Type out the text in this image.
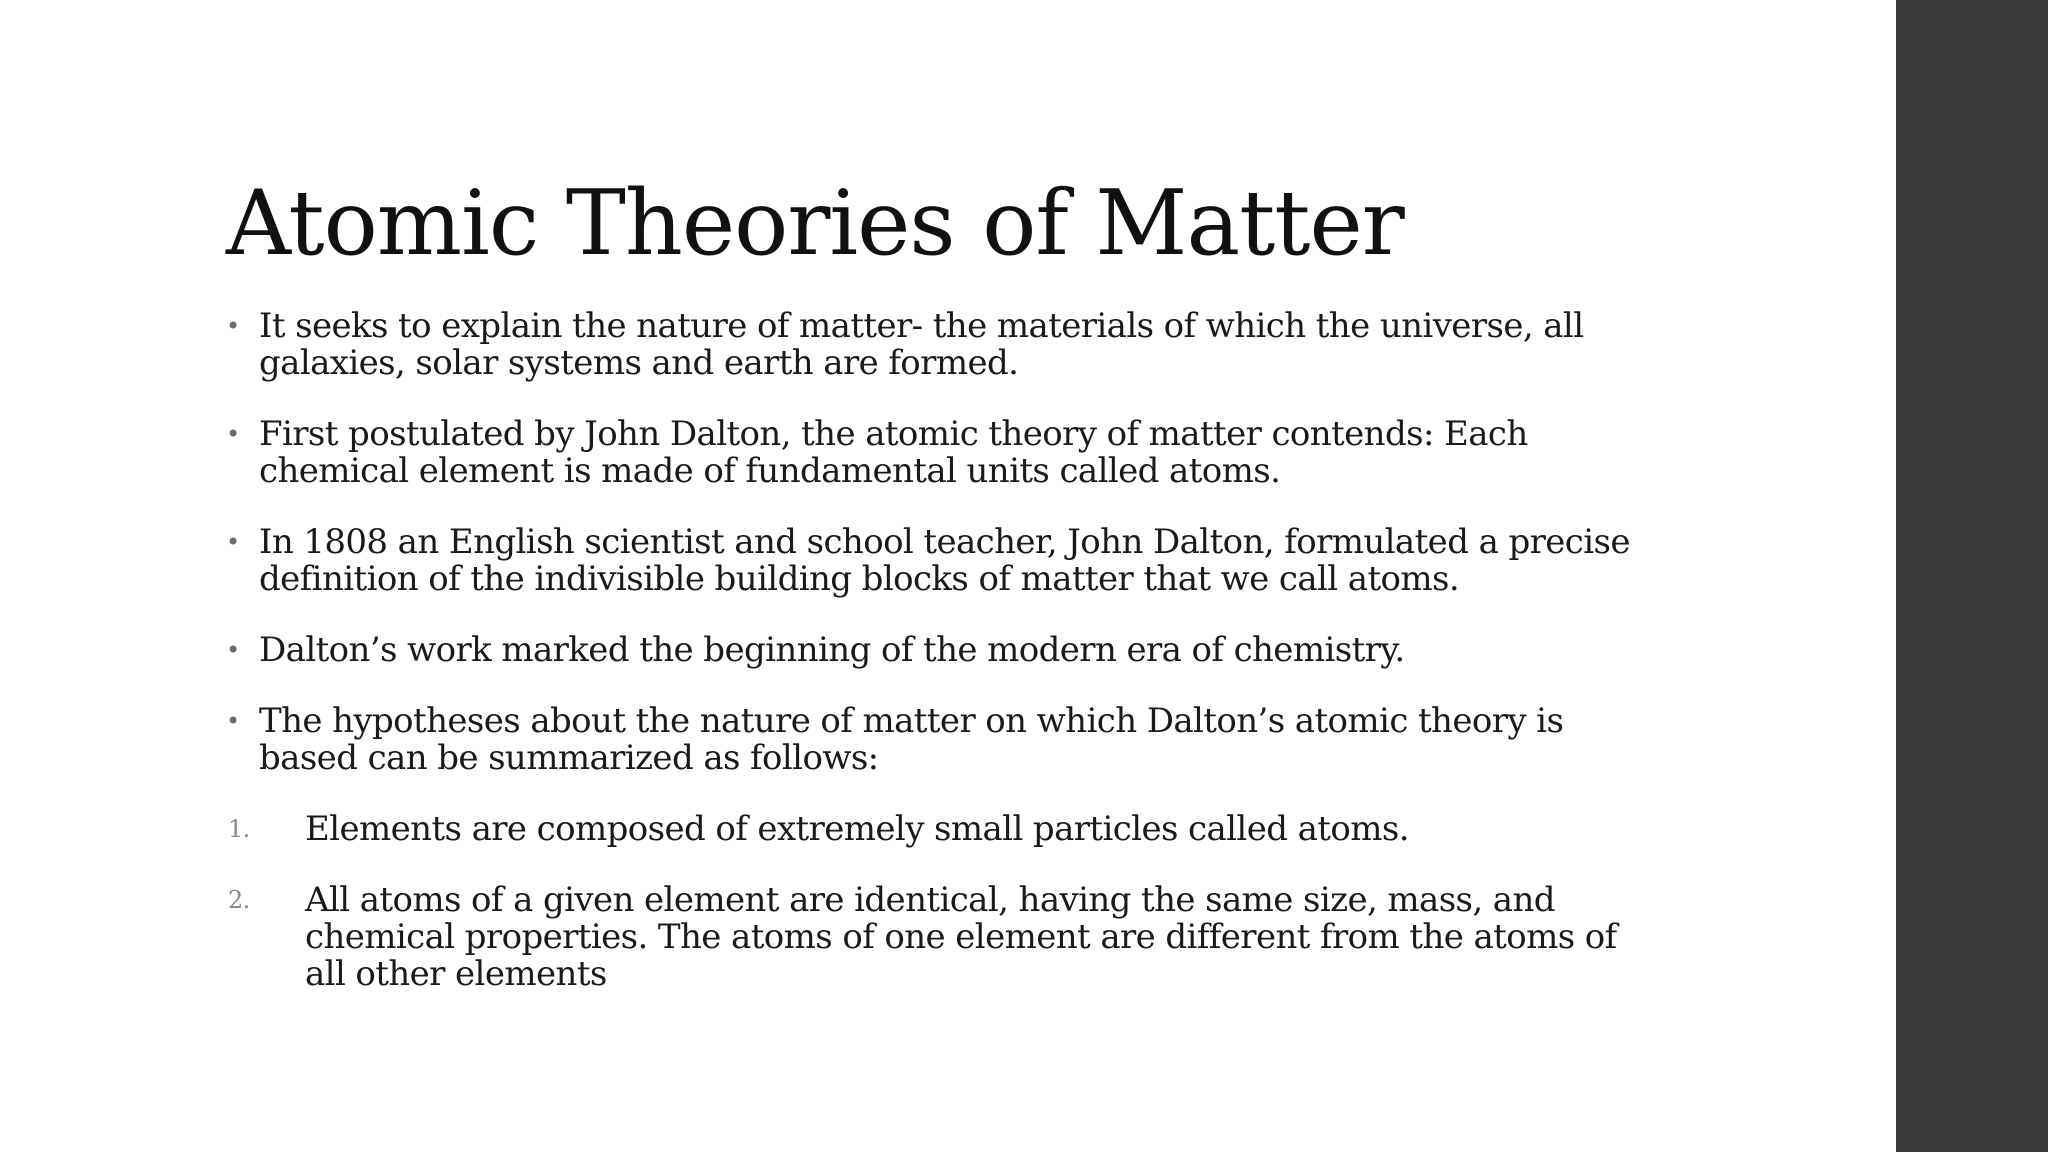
Atomic Theories of Matter
• It seeks to explain the nature of matter- the materials of which the universe, all galaxies, solar systems and earth are formed.
• First postulated by John Dalton, the atomic theory of matter contends: Each chemical element is made of fundamental units called atoms.
• In 1808 an English scientist and school teacher, John Dalton, formulated a precise definition of the indivisible building blocks of matter that we call atoms.
• Dalton’s work marked the beginning of the modern era of chemistry.
• The hypotheses about the nature of matter on which Dalton’s atomic theory is based can be summarized as follows:
1. Elements are composed of extremely small particles called atoms.
2. All atoms of a given element are identical, having the same size, mass, and chemical properties. The atoms of one element are different from the atoms of all other elements
